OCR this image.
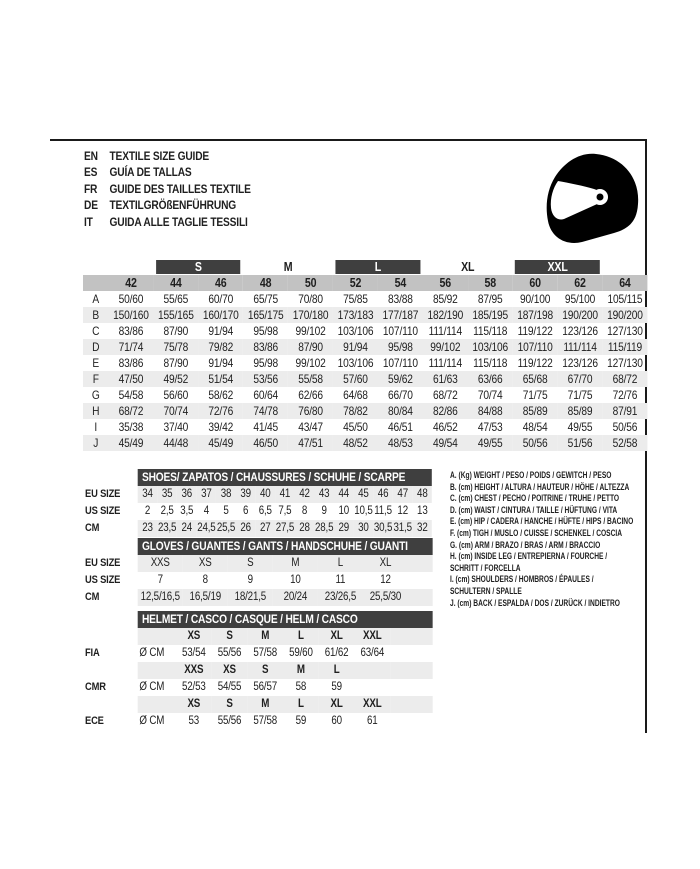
EN TEXTILE SIZE GUIDE
ES	GUÍA DE TALLAS
FR	GUIDE DES TAILLES TEXTILE
DE TEXTILGRÖßENFÜHRUNG
IT	GUIDA ALLE TAGLIE TESSILI
S	M	L	XL	XXL
42	44	46	48	50	52	54	56	58	60	62	64
A	50/60	55/65	60/70	65/75	70/80	75/85	83/88	85/92	87/95	90/100	95/100	105/115
B	150/160 155/165 160/170 165/175 170/180 173/183 177/187 182/190 185/195 187/198 190/200 190/200
C	83/86	87/90	91/94	95/98	99/102 103/106 107/110 111/114 115/118 119/122 123/126 127/130
D	71/74	75/78	79/82	83/86	87/90	91/94	95/98	99/102 103/106 107/110 111/114 115/119
E	83/86	87/90	91/94	95/98	99/102 103/106 107/110 111/114 115/118 119/122 123/126 127/130
F	47/50	49/52	51/54	53/56	55/58	57/60	59/62	61/63	63/66	65/68	67/70	68/72
G	54/58	56/60	58/62	60/64	62/66	64/68	66/70	68/72	70/74	71/75	71/75	72/76
H	68/72	70/74	72/76	74/78	76/80	78/82	80/84	82/86	84/88	85/89	85/89	87/91
I	35/38	37/40	39/42	41/45	43/47	45/50	46/51	46/52	47/53	48/54	49/55	50/56
J	45/49	44/48	45/49	46/50	47/51	48/52	48/53	49/54	49/55	50/56	51/56	52/58
SHOES/ ZAPATOS / CHAUSSURES / SCHUHE / SCARPE
EU SIZE	34 35 36 37 38 39 40 41 42 43 44 45 46 47 48
US SIZE	2 2,5 3,5 4	5	6 6,5 7,5 8	9	10 10,5 11,5 12 13
CM	23 23,5 24 24,5 25,5 26 27 27,5 28 28,5 29 30 30,5 31,5 32
GLOVES / GUANTES / GANTS / HANDSCHUHE / GUANTI
EU SIZE	XXS	XS	S	M	L	XL
US SIZE	7	8	9	10	11	12
CM	12,5/16,5 16,5/19	18/21,5	20/24	23/26,5	25,5/30
HELMET / CASCO / CASQUE / HELM / CASCO
XS	S	M	L	XL	XXL
FIA	Ø CM	53/54	55/56	57/58	59/60	61/62	63/64
XXS	XS	S	M	L
CMR	Ø CM	52/53	54/55	56/57	58	59
XS	S	M	L	XL	XXL
ECE	Ø CM	53	55/56	57/58	59	60	61
A. (Kg) WEIGHT / PESO / POIDS / GEWITCH / PESO
B. (cm) HEIGHT / ALTURA / HAUTEUR / HÖHE / ALTEZZA
C. (cm) CHEST / PECHO / POITRINE / TRUHE / PETTO
D. (cm) WAIST / CINTURA / TAILLE / HÜFTUNG / VITA
E. (cm) HIP / CADERA / HANCHE / HÜFTE / HIPS / BACINO
F. (cm) TIGH / MUSLO / CUISSE / SCHENKEL / COSCIA
G. (cm) ARM / BRAZO / BRAS / ARM / BRACCIO
H. (cm) INSIDE LEG / ENTREPIERNA / FOURCHE /
SCHRITT / FORCELLA
I. (cm) SHOULDERS / HOMBROS / ÉPAULES /
SCHULTERN / SPALLE
J. (cm) BACK / ESPALDA / DOS / ZURÜCK / INDIETRO
